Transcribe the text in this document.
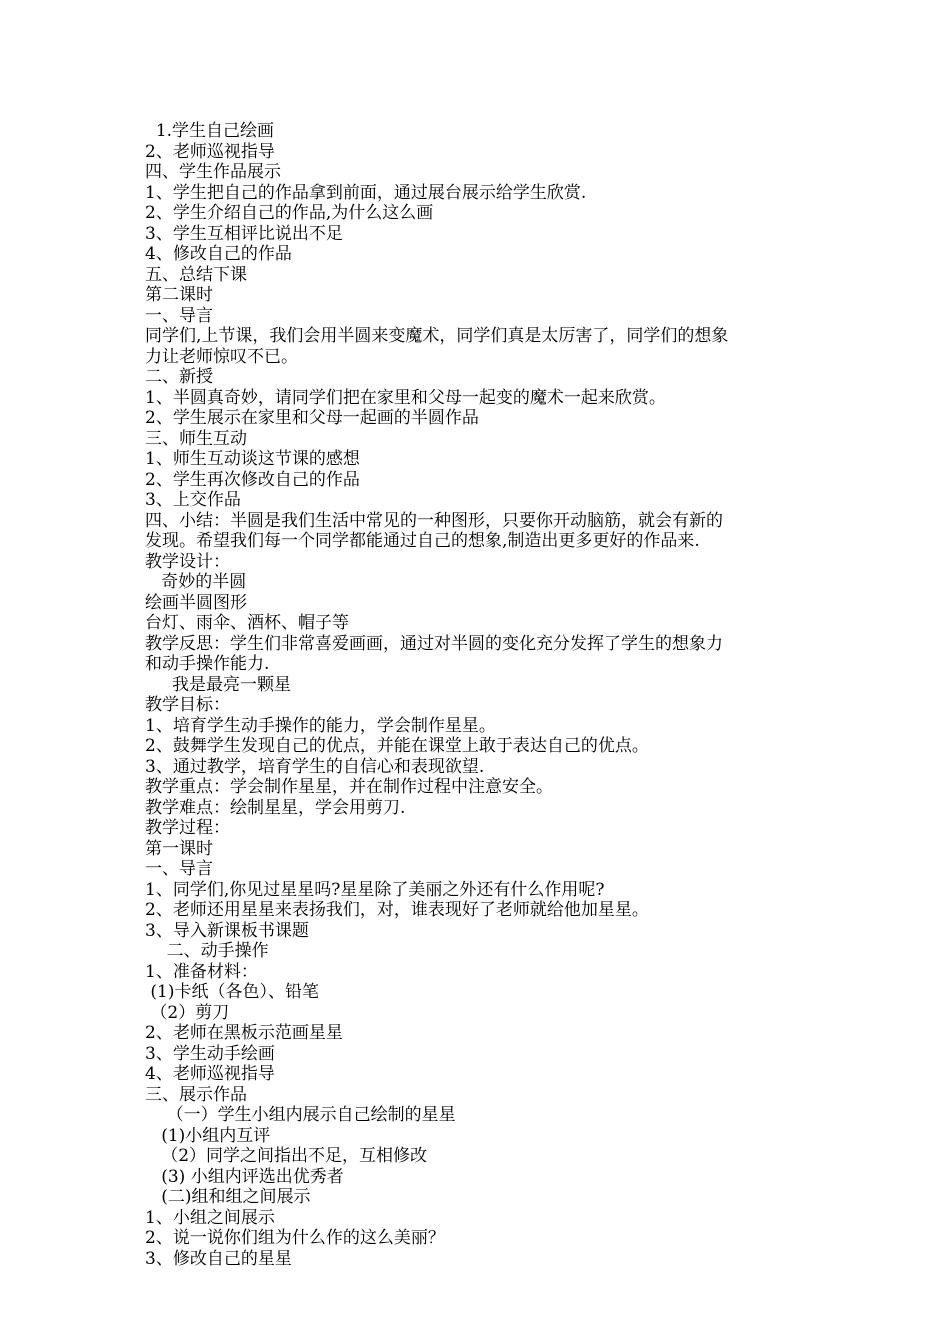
1.学生自己绘画
2、老师巡视指导
四、学生作品展示
1、学生把自己的作品拿到前面，通过展台展示给学生欣赏.
2、学生介绍自己的作品,为什么这么画
3、学生互相评比说出不足
4、修改自己的作品
五、总结下课
第二课时
一、导言
同学们,上节课，我们会用半圆来变魔术，同学们真是太厉害了，同学们的想象
力让老师惊叹不已。
二、新授
1、半圆真奇妙，请同学们把在家里和父母一起变的魔术一起来欣赏。
2、学生展示在家里和父母一起画的半圆作品
三、师生互动
1、师生互动谈这节课的感想
2、学生再次修改自己的作品
3、上交作品
四、小结：半圆是我们生活中常见的一种图形，只要你开动脑筋，就会有新的
发现。希望我们每一个同学都能通过自己的想象,制造出更多更好的作品来.
教学设计：
奇妙的半圆
绘画半圆图形
台灯、雨伞、酒杯、帽子等
教学反思：学生们非常喜爱画画，通过对半圆的变化充分发挥了学生的想象力
和动手操作能力.
我是最亮一颗星
教学目标：
1、培育学生动手操作的能力，学会制作星星。
2、鼓舞学生发现自己的优点，并能在课堂上敢于表达自己的优点。
3、通过教学，培育学生的自信心和表现欲望.
教学重点：学会制作星星，并在制作过程中注意安全。
教学难点：绘制星星，学会用剪刀.
教学过程：
第一课时
一、导言
1、同学们,你见过星星吗?星星除了美丽之外还有什么作用呢?
2、老师还用星星来表扬我们，对，谁表现好了老师就给他加星星。
3、导入新课板书课题
二、动手操作
1、准备材料：
(1)卡纸（各色）、铅笔
（2）剪刀
2、老师在黑板示范画星星
3、学生动手绘画
4、老师巡视指导
三、展示作品
（一）学生小组内展示自己绘制的星星
(1)小组内互评
（2）同学之间指出不足，互相修改
(3) 小组内评选出优秀者
(二)组和组之间展示
1、小组之间展示
2、说一说你们组为什么作的这么美丽？
3、修改自己的星星
